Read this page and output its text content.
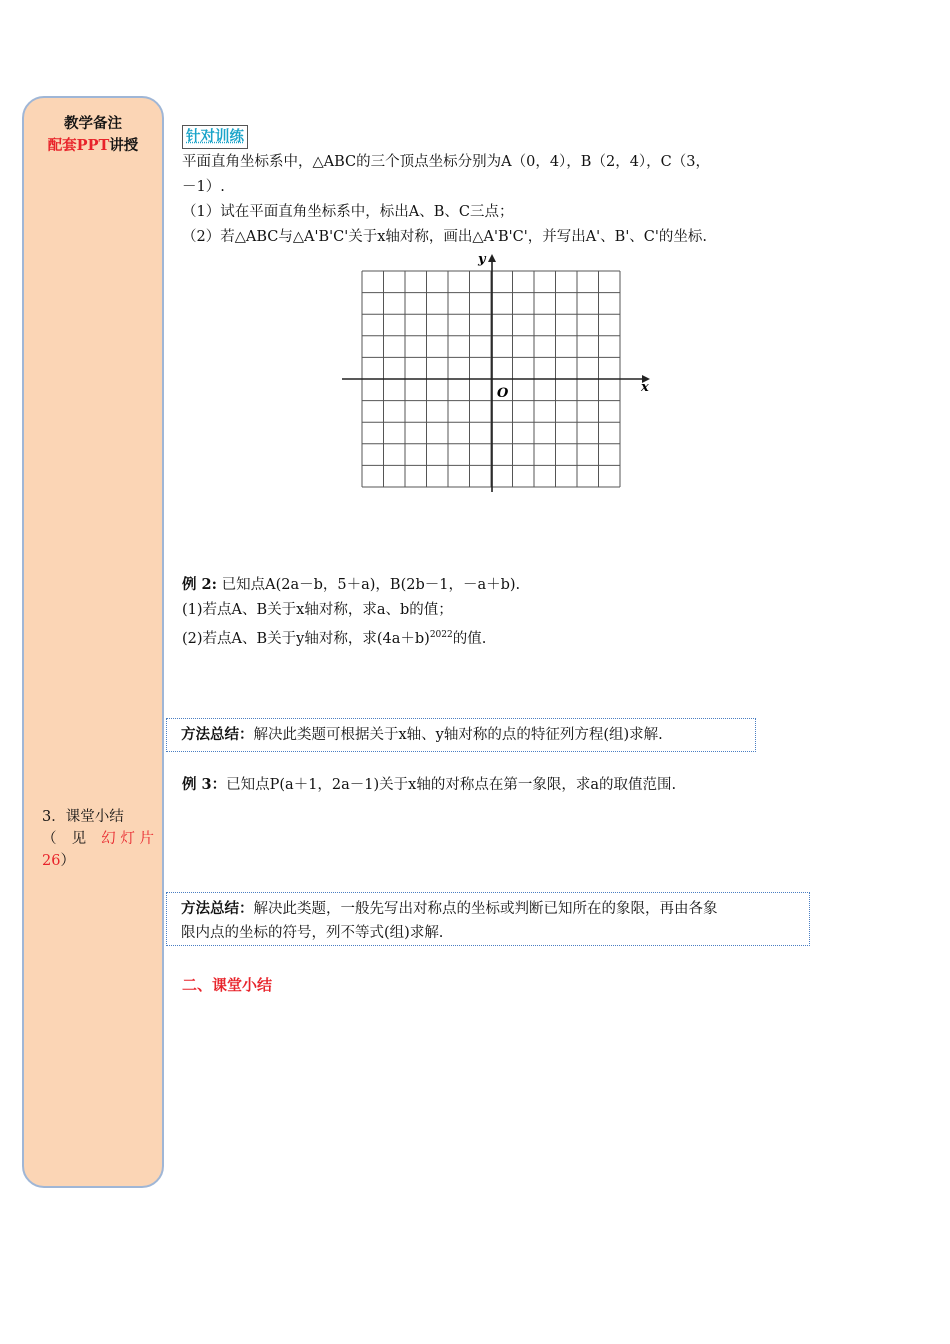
教学备注
配套PPT讲授
3．课堂小结
（ 见 幻 灯 片
26）
针对训练
平面直角坐标系中，△ABC的三个顶点坐标分别为A（0，4），B（2，4），C（3，
－1）.
（1）试在平面直角坐标系中，标出A、B、C三点；
（2）若△ABC与△A'B'C'关于x轴对称，画出△A'B'C'，并写出A'、B'、C'的坐标.
x
y
O
例 2: 已知点A(2a－b，5＋a)，B(2b－1，－a＋b).
(1)若点A、B关于x轴对称，求a、b的值；
(2)若点A、B关于y轴对称，求$(4a+b)^{2022}$的值.
方法总结：解决此类题可根据关于x轴、y轴对称的点的特征列方程(组)求解.
例 3：已知点P(a＋1，2a－1)关于x轴的对称点在第一象限，求a的取值范围.
方法总结：解决此类题，一般先写出对称点的坐标或判断已知所在的象限，再由各象
限内点的坐标的符号，列不等式(组)求解.
二、课堂小结
